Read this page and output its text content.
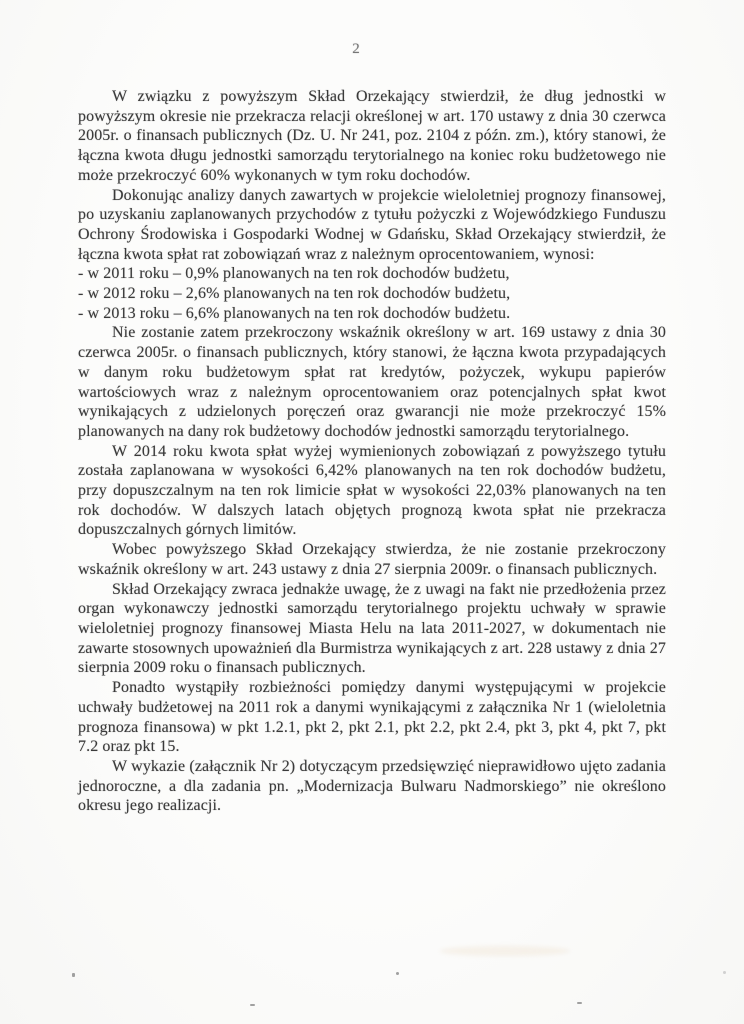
2

W związku z powyższym Skład Orzekający stwierdził, że dług jednostki w powyższym okresie nie przekracza relacji określonej w art. 170 ustawy z dnia 30 czerwca 2005r. o finansach publicznych (Dz. U. Nr 241, poz. 2104 z późn. zm.), który stanowi, że łączna kwota długu jednostki samorządu terytorialnego na koniec roku budżetowego nie może przekroczyć 60% wykonanych w tym roku dochodów.

Dokonując analizy danych zawartych w projekcie wieloletniej prognozy finansowej, po uzyskaniu zaplanowanych przychodów z tytułu pożyczki z Wojewódzkiego Funduszu Ochrony Środowiska i Gospodarki Wodnej w Gdańsku, Skład Orzekający stwierdził, że łączna kwota spłat rat zobowiązań wraz z należnym oprocentowaniem, wynosi:

- w 2011 roku – 0,9% planowanych na ten rok dochodów budżetu,

- w 2012 roku – 2,6% planowanych na ten rok dochodów budżetu,

- w 2013 roku – 6,6% planowanych na ten rok dochodów budżetu.

Nie zostanie zatem przekroczony wskaźnik określony w art. 169 ustawy z dnia 30 czerwca 2005r. o finansach publicznych, który stanowi, że łączna kwota przypadających w danym roku budżetowym spłat rat kredytów, pożyczek, wykupu papierów wartościowych wraz z należnym oprocentowaniem oraz potencjalnych spłat kwot wynikających z udzielonych poręczeń oraz gwarancji nie może przekroczyć 15% planowanych na dany rok budżetowy dochodów jednostki samorządu terytorialnego.

W 2014 roku kwota spłat wyżej wymienionych zobowiązań z powyższego tytułu została zaplanowana w wysokości 6,42% planowanych na ten rok dochodów budżetu, przy dopuszczalnym na ten rok limicie spłat w wysokości 22,03% planowanych na ten rok dochodów. W dalszych latach objętych prognozą kwota spłat nie przekracza dopuszczalnych górnych limitów.

Wobec powyższego Skład Orzekający stwierdza, że nie zostanie przekroczony wskaźnik określony w art. 243 ustawy z dnia 27 sierpnia 2009r. o finansach publicznych.

Skład Orzekający zwraca jednakże uwagę, że z uwagi na fakt nie przedłożenia przez organ wykonawczy jednostki samorządu terytorialnego projektu uchwały w sprawie wieloletniej prognozy finansowej Miasta Helu na lata 2011-2027, w dokumentach nie zawarte stosownych upoważnień dla Burmistrza wynikających z art. 228 ustawy z dnia 27 sierpnia 2009 roku o finansach publicznych.

Ponadto wystąpiły rozbieżności pomiędzy danymi występującymi w projekcie uchwały budżetowej na 2011 rok a danymi wynikającymi z załącznika Nr 1 (wieloletnia prognoza finansowa) w pkt 1.2.1, pkt 2, pkt 2.1, pkt 2.2, pkt 2.4, pkt 3, pkt 4, pkt 7, pkt 7.2 oraz pkt 15.

W wykazie (załącznik Nr 2) dotyczącym przedsięwzięć nieprawidłowo ujęto zadania jednoroczne, a dla zadania pn. „Modernizacja Bulwaru Nadmorskiego” nie określono okresu jego realizacji.
